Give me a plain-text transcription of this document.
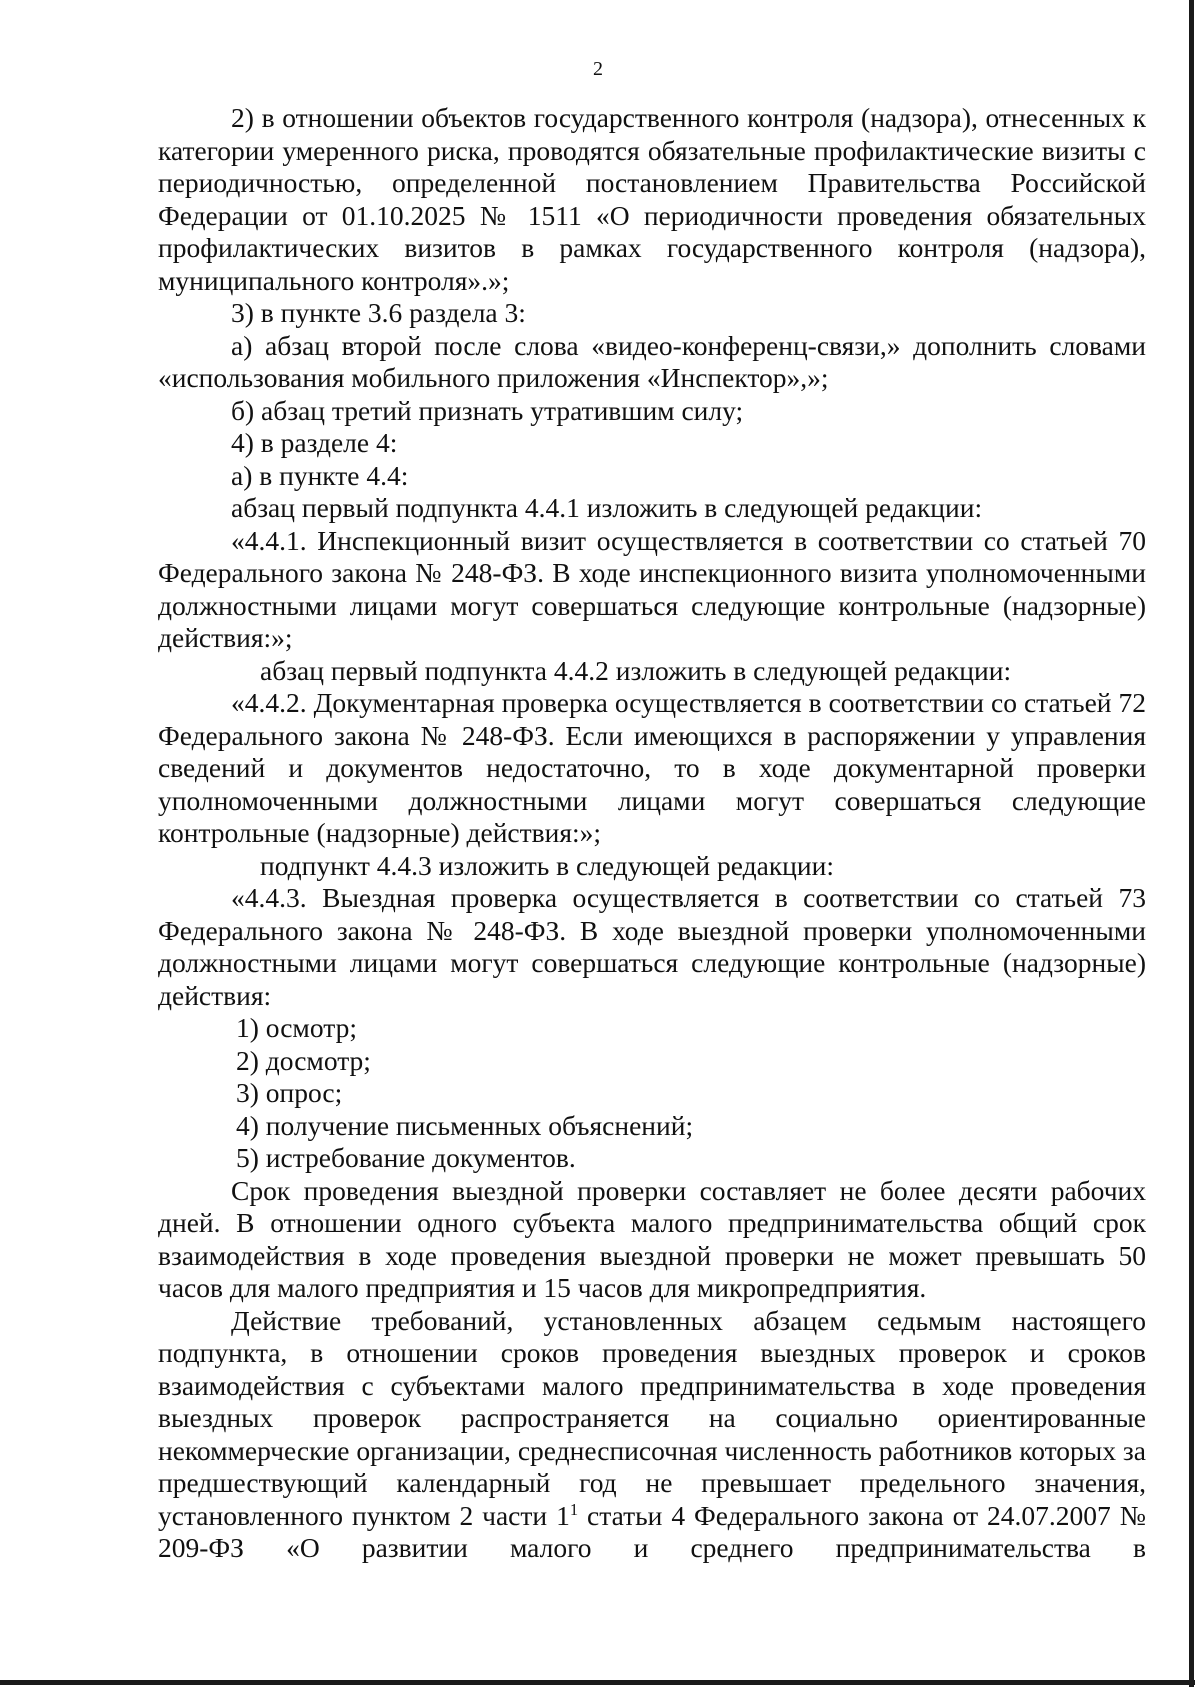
2

2) в отношении объектов государственного контроля (надзора), отнесенных к категории умеренного риска, проводятся обязательные профилактические визиты с периодичностью, определенной постановлением Правительства Российской Федерации от 01.10.2025 № 1511 «О периодичности проведения обязательных профилактических визитов в рамках государственного контроля (надзора), муниципального контроля».»;

3) в пункте 3.6 раздела 3:

а) абзац второй после слова «видео-конференц-связи,» дополнить словами «использования мобильного приложения «Инспектор»,»;

б) абзац третий признать утратившим силу;

4) в разделе 4:

а) в пункте 4.4:

абзац первый подпункта 4.4.1 изложить в следующей редакции:

«4.4.1. Инспекционный визит осуществляется в соответствии со статьей 70 Федерального закона № 248-ФЗ. В ходе инспекционного визита уполномоченными должностными лицами могут совершаться следующие контрольные (надзорные) действия:»;

абзац первый подпункта 4.4.2 изложить в следующей редакции:

«4.4.2. Документарная проверка осуществляется в соответствии со статьей 72 Федерального закона № 248-ФЗ. Если имеющихся в распоряжении у управления сведений и документов недостаточно, то в ходе документарной проверки уполномоченными должностными лицами могут совершаться следующие контрольные (надзорные) действия:»;

подпункт 4.4.3 изложить в следующей редакции:

«4.4.3. Выездная проверка осуществляется в соответствии со статьей 73 Федерального закона № 248-ФЗ. В ходе выездной проверки уполномоченными должностными лицами могут совершаться следующие контрольные (надзорные) действия:

1) осмотр;

2) досмотр;

3) опрос;

4) получение письменных объяснений;

5) истребование документов.

Срок проведения выездной проверки составляет не более десяти рабочих дней. В отношении одного субъекта малого предпринимательства общий срок взаимодействия в ходе проведения выездной проверки не может превышать 50 часов для малого предприятия и 15 часов для микропредприятия.

Действие требований, установленных абзацем седьмым настоящего подпункта, в отношении сроков проведения выездных проверок и сроков взаимодействия с субъектами малого предпринимательства в ходе проведения выездных проверок распространяется на социально ориентированные некоммерческие организации, среднесписочная численность работников которых за предшествующий календарный год не превышает предельного значения, установленного пунктом 2 части $1^1$ статьи 4 Федерального закона от 24.07.2007 № 209-ФЗ «О развитии малого и среднего предпринимательства в
